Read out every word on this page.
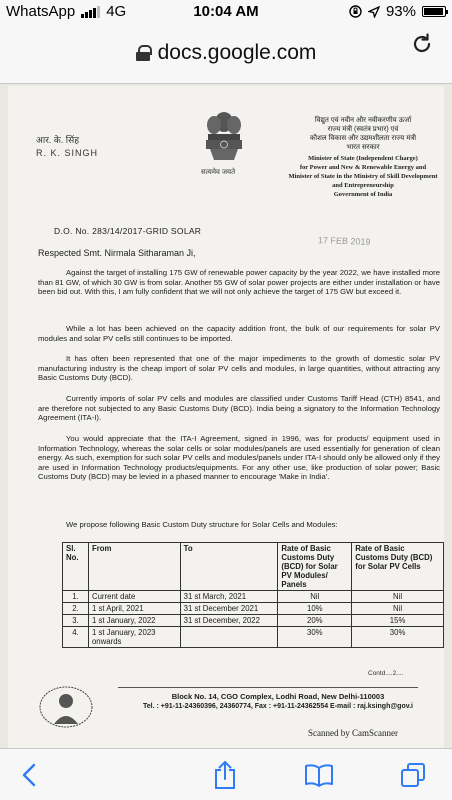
WhatsApp 4G	10:04 AM	93%
docs.google.com
आर. के. सिंह
R. K. SINGH
सत्यमेव जयते
विद्युत एवं नवीन और नवीकरणीय ऊर्जा
राज्य मंत्री (स्वतंत्र प्रभार) एवं
कौशल विकास और उद्यमशीलता राज्य मंत्री
भारत सरकार
Minister of State (Independent Charge)
for Power and New & Renewable Energy and
Minister of State in the Ministry of Skill Development
and Entrepreneurship
Government of India
D.O. No. 283/14/2017-GRID SOLAR
17 FEB 2019
Respected Smt. Nirmala Sitharaman Ji,
Against the target of installing 175 GW of renewable power capacity by the year 2022, we have installed more than 81 GW, of which 30 GW is from solar. Another 55 GW of solar power projects are either under installation or have been bid out. With this, I am fully confident that we will not only achieve the target of 175 GW but exceed it.
While a lot has been achieved on the capacity addition front, the bulk of our requirements for solar PV modules and solar PV cells still continues to be imported.
It has often been represented that one of the major impediments to the growth of domestic solar PV manufacturing industry is the cheap import of solar PV cells and modules, in large quantities, without attracting any Basic Customs Duty (BCD).
Currently imports of solar PV cells and modules are classified under Customs Tariff Head (CTH) 8541, and are therefore not subjected to any Basic Customs Duty (BCD). India being a signatory to the Information Technology Agreement (ITA-I).
You would appreciate that the ITA-I Agreement, signed in 1996, was for products/ equipment used in Information Technology, whereas the solar cells or solar modules/panels are used essentially for generation of clean energy. As such, exemption for such solar PV cells and modules/panels under ITA-I should only be allowed only if they are used in Information Technology products/equipments. For any other use, like production of solar power; Basic Customs Duty (BCD) may be levied in a phased manner to encourage 'Make in India'.
We propose following Basic Custom Duty structure for Solar Cells and Modules:
Sl. No.	From	To	Rate of Basic Customs Duty (BCD) for Solar PV Modules/ Panels	Rate of Basic Customs Duty (BCD) for Solar PV Cells
1.	Current date	31 st March, 2021	Nil	Nil
2.	1 st April, 2021	31 st December 2021	10%	Nil
3.	1 st January, 2022	31 st December, 2022	20%	15%
4.	1 st January, 2023 onwards		30%	30%
Contd....2....
Block No. 14, CGO Complex, Lodhi Road, New Delhi-110003
Tel. : +91-11-24360396, 24360774, Fax : +91-11-24362554 E-mail : raj.ksingh@gov.i
Scanned by CamScanner
